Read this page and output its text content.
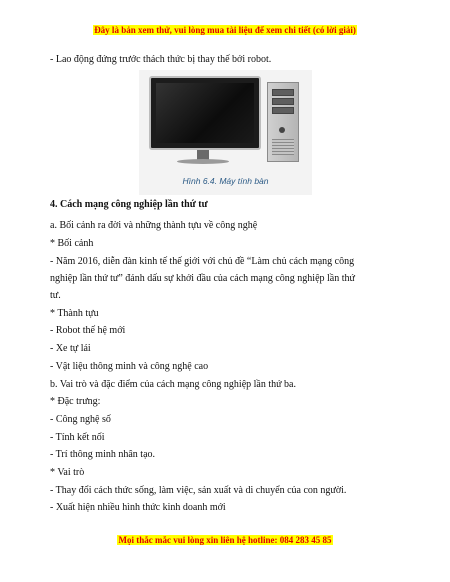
Đây là bản xem thử, vui lòng mua tài liệu để xem chi tiết (có lời giải)
- Lao động đứng trước thách thức bị thay thế bởi robot.
Hình 6.4. Máy tính bàn
4. Cách mạng công nghiệp lần thứ tư
a. Bối cảnh ra đời và những thành tựu về công nghệ
* Bối cảnh
- Năm 2016, diễn đàn kinh tế thế giới với chủ đề “Làm chủ cách mạng công
nghiệp lần thứ tư” đánh dấu sự khởi đầu của cách mạng công nghiệp lần thứ
tư.
* Thành tựu
- Robot thế hệ mới
- Xe tự lái
- Vật liệu thông minh và công nghệ cao
b. Vai trò và đặc điểm của cách mạng công nghiệp lần thứ ba.
* Đặc trưng:
- Công nghệ số
- Tính kết nối
- Trí thông minh nhân tạo.
* Vai trò
- Thay đổi cách thức sống, làm việc, sản xuất và di chuyển của con người.
- Xuất hiện nhiều hình thức kinh doanh mới
Mọi thắc mắc vui lòng xin liên hệ hotline: 084 283 45 85
